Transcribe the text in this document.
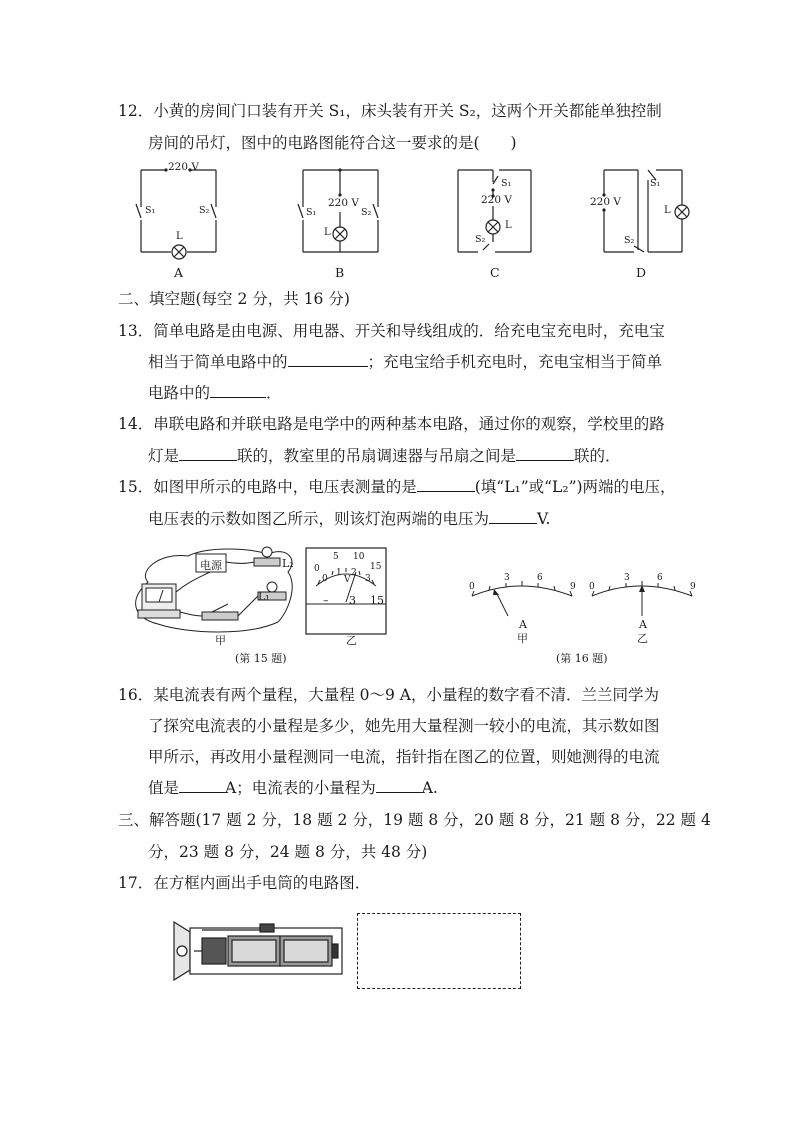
12．小黄的房间门口装有开关 S₁，床头装有开关 S₂，这两个开关都能单独控制
房间的吊灯，图中的电路图能符合这一要求的是(　　)
220 V
S₁	S₂
L
220 V
S₁	S₂
L
220 V
S₁
S₂
L
220 V
S₁
S₂
L
A	B	C	D
二、填空题(每空 2 分，共 16 分)
13．简单电路是由电源、用电器、开关和导线组成的．给充电宝充电时，充电宝
相当于简单电路中的	；充电宝给手机充电时，充电宝相当于简单
电路中的	．
14．串联电路和并联电路是电学中的两种基本电路，通过你的观察，学校里的路
灯是	联的，教室里的吊扇调速器与吊扇之间是	联的．
15．如图甲所示的电路中，电压表测量的是	(填“L₁”或“L₂”)两端的电压，
电压表的示数如图乙所示，则该灯泡两端的电压为	V.
电源	L₂
L₁
0
5 10
15
0
1 2
3
V
– 3 15
甲	乙
(第 15 题)
0
3	6
9 0
3	6
9
A
甲
A
乙
(第 16 题)
16．某电流表有两个量程，大量程 0～9 A，小量程的数字看不清．兰兰同学为
了探究电流表的小量程是多少，她先用大量程测一较小的电流，其示数如图
甲所示，再改用小量程测同一电流，指针指在图乙的位置，则她测得的电流
值是	A；电流表的小量程为	A.
三、解答题(17 题 2 分，18 题 2 分，19 题 8 分，20 题 8 分，21 题 8 分，22 题 4
分，23 题 8 分，24 题 8 分，共 48 分)
17．在方框内画出手电筒的电路图．
